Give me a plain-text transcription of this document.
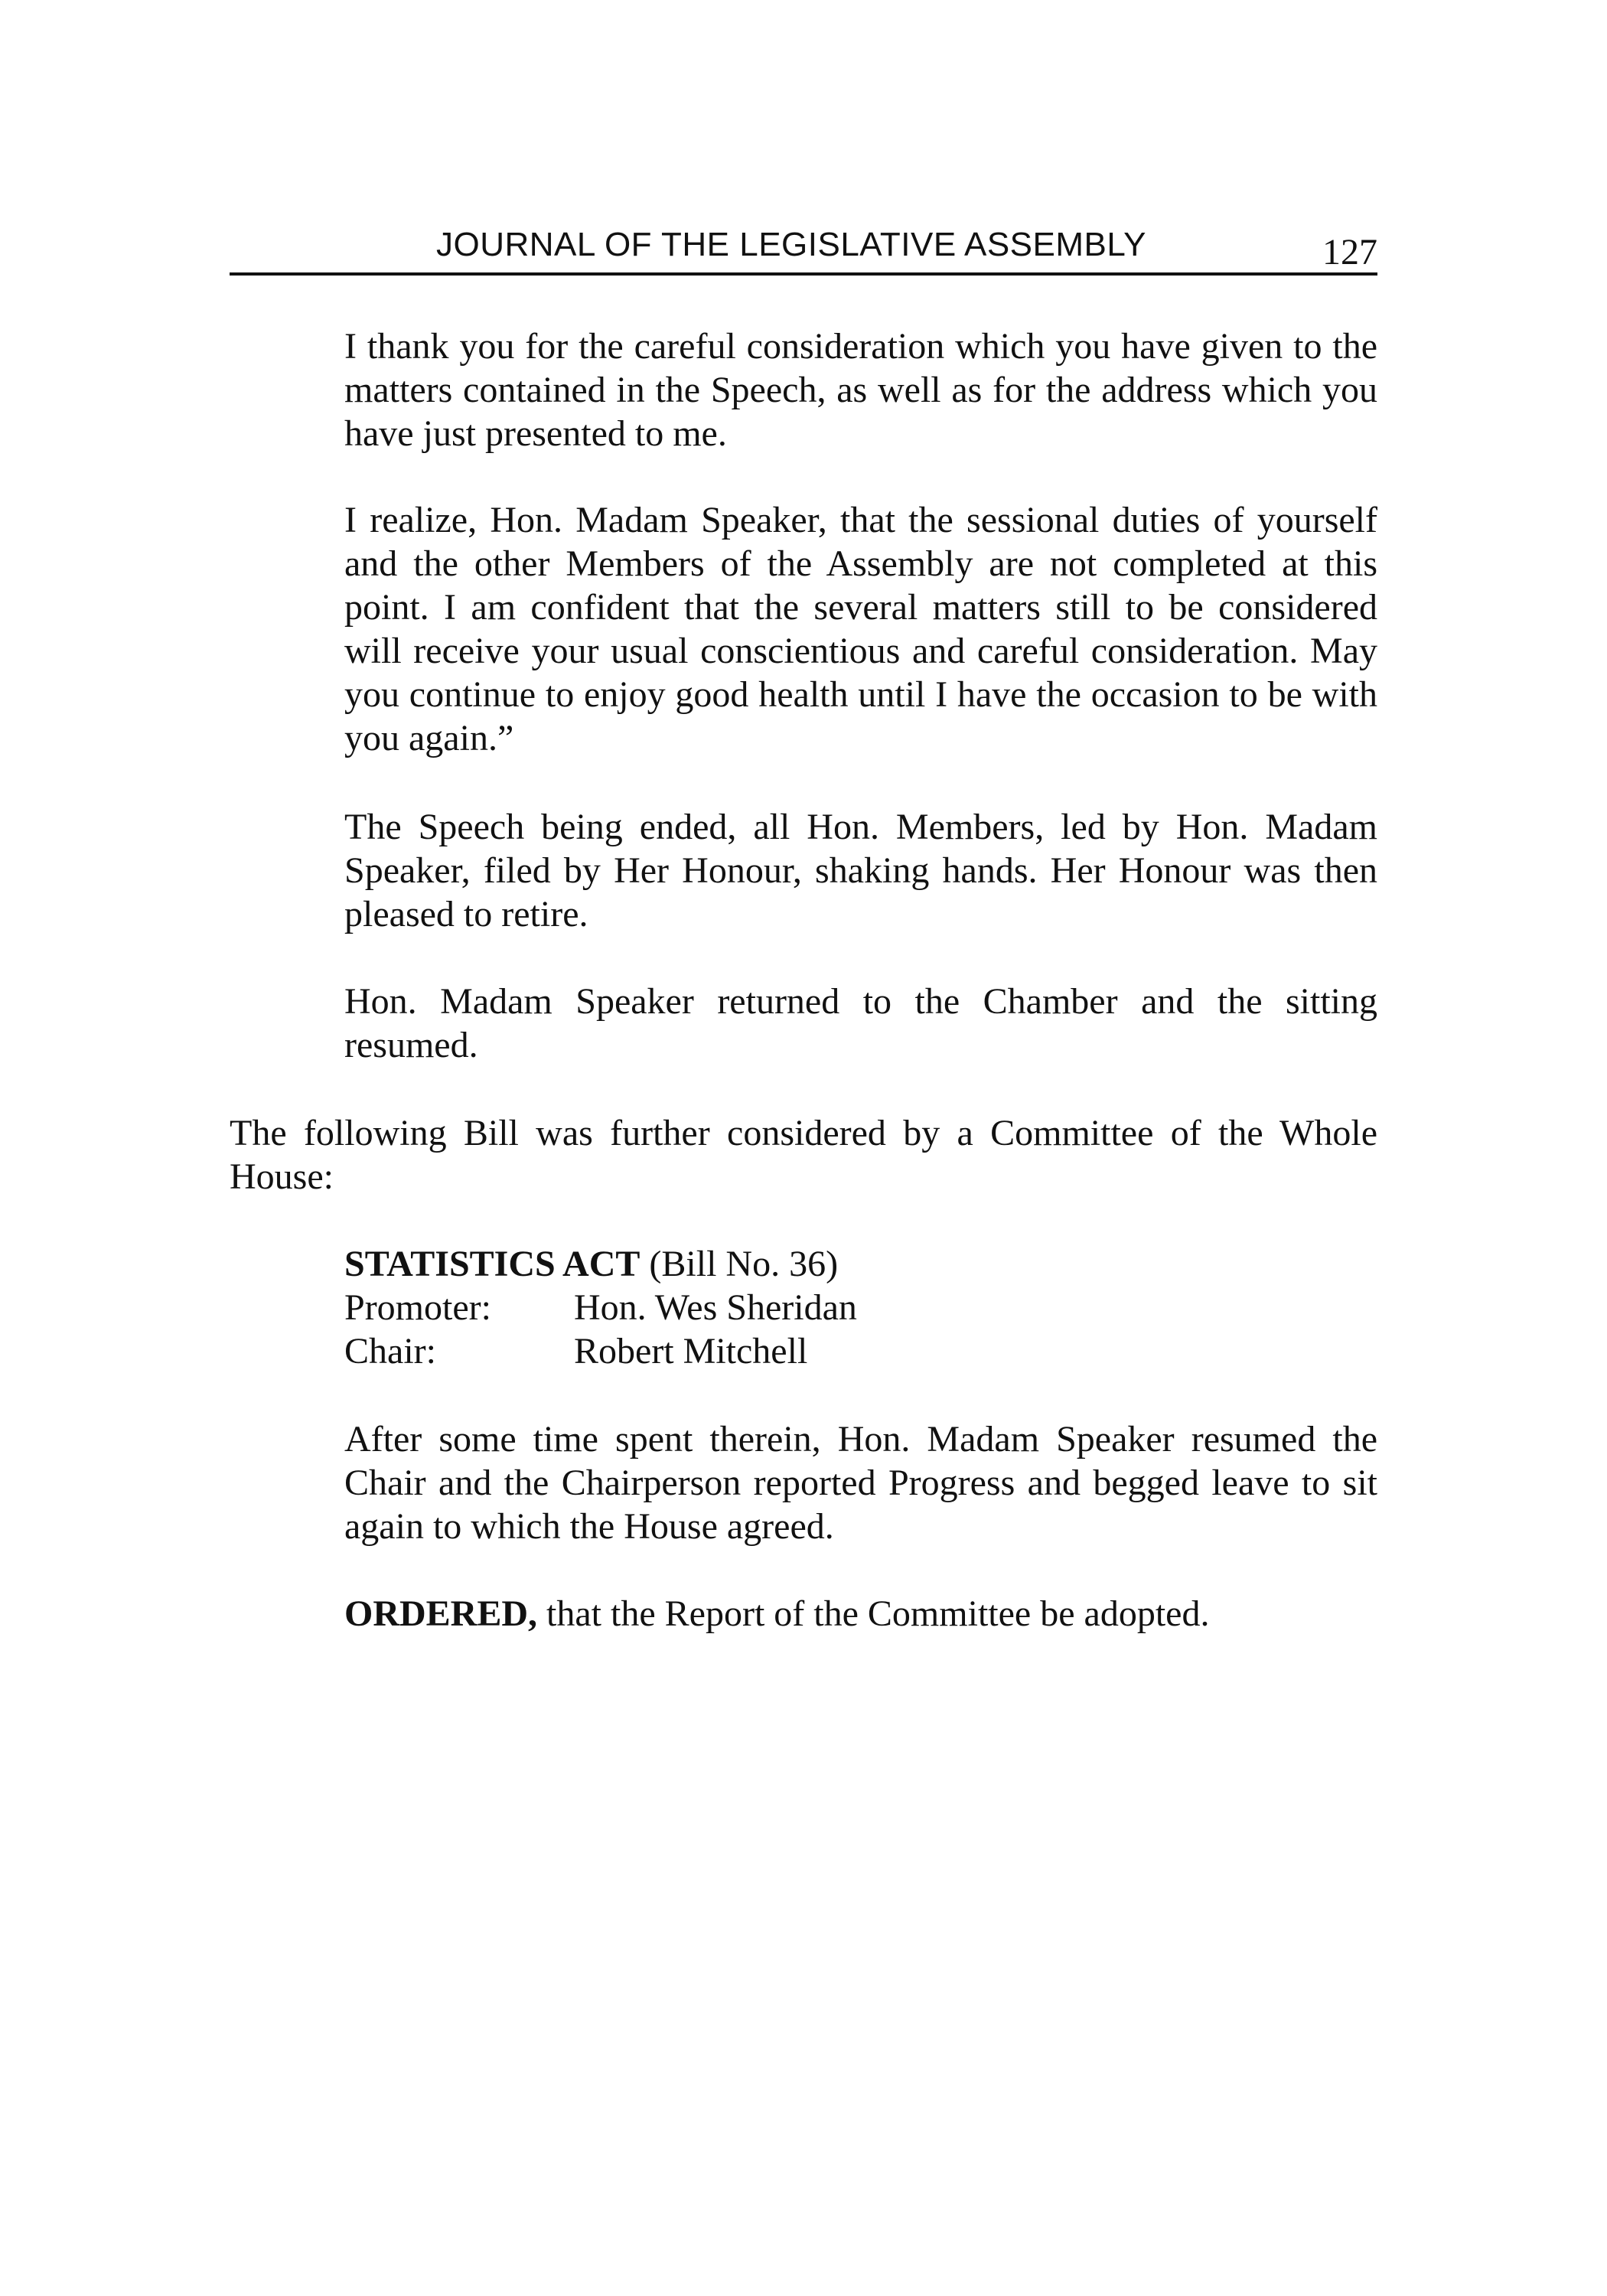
JOURNAL OF THE LEGISLATIVE ASSEMBLY	127

I thank you for the careful consideration which you have given to the matters contained in the Speech, as well as for the address which you have just presented to me.

I realize, Hon. Madam Speaker, that the sessional duties of yourself and the other Members of the Assembly are not completed at this point. I am confident that the several matters still to be considered will receive your usual conscientious and careful consideration. May you continue to enjoy good health until I have the occasion to be with you again.”

The Speech being ended, all Hon. Members, led by Hon. Madam Speaker, filed by Her Honour, shaking hands. Her Honour was then pleased to retire.

Hon. Madam Speaker returned to the Chamber and the sitting resumed.

The following Bill was further considered by a Committee of the Whole House:

STATISTICS ACT (Bill No. 36)
Promoter:	Hon. Wes Sheridan
Chair:	Robert Mitchell

After some time spent therein, Hon. Madam Speaker resumed the Chair and the Chairperson reported Progress and begged leave to sit again to which the House agreed.

ORDERED, that the Report of the Committee be adopted.
